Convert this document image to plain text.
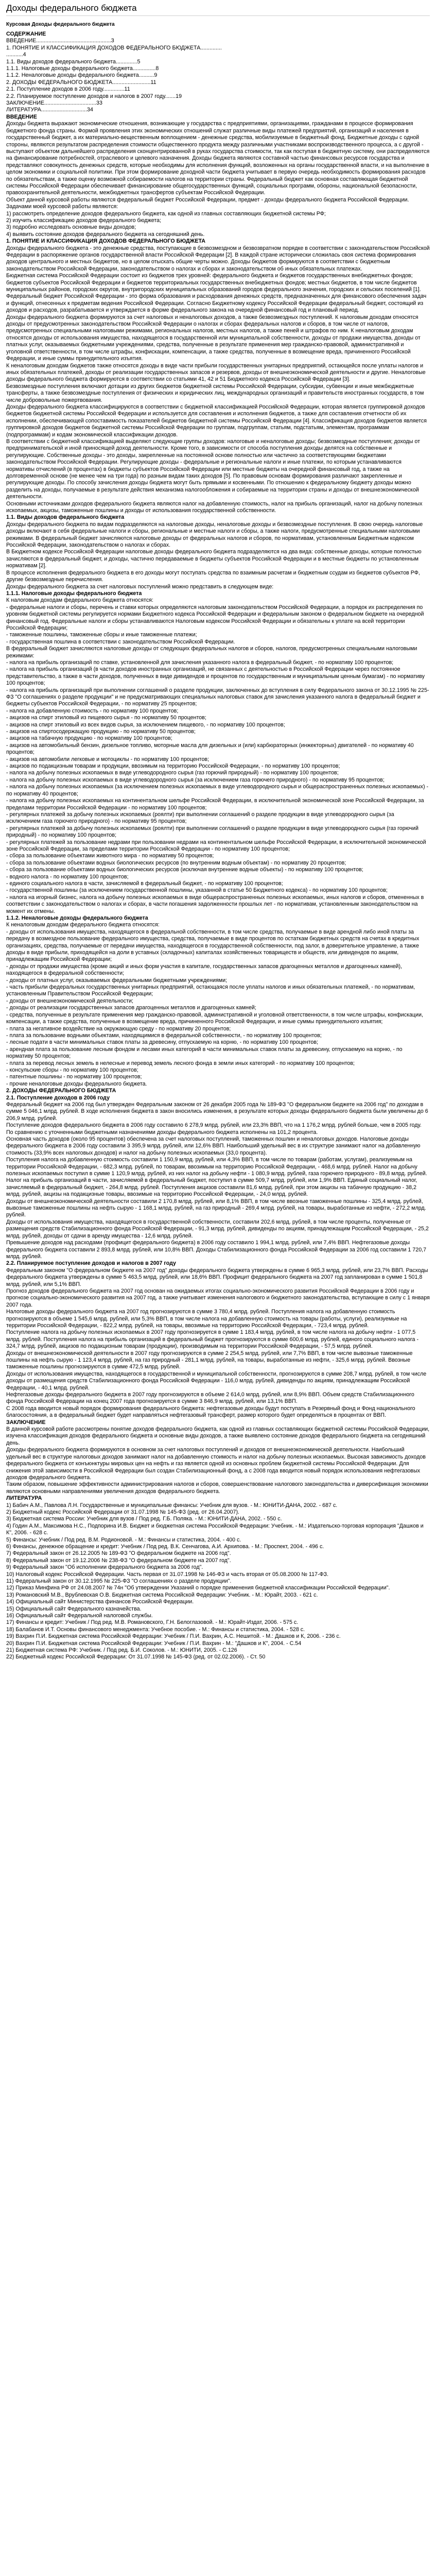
Доходы федерального бюджета
Курсовая Доходы федерального бюджета

СОДЕРЖАНИЕ

ВВЕДЕНИЕ.................................................3

1. ПОНЯТИЕ И КЛАССИФИКАЦИЯ ДОХОДОВ ФЕДЕРАЛЬНОГО БЮДЖЕТА..............

...........4

1.1. Виды доходов федерального бюджета..............5

1.1.1. Налоговые доходы федерального бюджета...............8

1.1.2. Неналоговые доходы федерального бюджета..........9

2. ДОХОДЫ ФЕДЕРАЛЬНОГО БЮДЖЕТА.........................11

2.1. Поступление доходов в 2006 году..............11

2.2. Планируемое поступление доходов и налогов в 2007 году.......19

ЗАКЛЮЧЕНИЕ..................................33

ЛИТЕРАТУРА..............................34

ВВЕДЕНИЕ

Доходы бюджета выражают экономические отношения, возникающие у государства с предприятиями, организациями, гражданами в процессе формирования бюджетного фонда страны. Формой проявления этих экономических отношений служат различные виды платежей предприятий, организаций и населения в государственный бюджет, а их материально-вещественным воплощением - денежные средства, мобилизуемые в бюджетный фонд. Бюджетные доходы с одной стороны, являются результатом распределения стоимости общественного продукта между различными участниками воспроизводственного процесса, а с другой - выступают объектом дальнейшего распределения сконцентрированной в руках государства стоимости, так как поступая в бюджетную систему, они распределяются на финансирование потребностей, отраслевого и целевого назначения. Доходы бюджета являются составной частью финансовых ресурсов государства и представляют совокупность денежных средств, которые необходимы для исполнения функций, возложенных на органы государственной власти, и на выполнение в целом экономики и социальной политики. При этом формирование доходной части бюджета учитывает в первую очередь необходимость формирования расходов по обязательствам, а также оценку возможной собираемости налогов на территории страны. Федеральный бюджет как основная составляющая бюджетной системы Российской Федерации обеспечивает финансирование общегосударственных функций, социальных программ, обороны, национальной безопасности, правоохранительной деятельности, межбюджетных трансфертов субъектам Российской Федерации.

Объект данной курсовой работы являются федеральный бюджет Российской Федерации, предмет - доходы федерального бюджета Российской Федерации.

Задачами моей курсовой работы являются:

1) рассмотреть определение доходов федерального бюджета, как одной из главных составляющих бюджетной системы РФ;

2) изучить классификацию доходов федерального бюджета;

3) подробно исследовать основные виды доходов;

4) выявить состояние доходов федерального бюджета на сегодняшний день.

1. ПОНЯТИЕ И КЛАССИФИКАЦИЯ ДОХОДОВ ФЕДЕРАЛЬНОГО БЮДЖЕТА

Доходы федерального бюджета - это денежные средства, поступающие в безвозмездном и безвозвратном порядке в соответствии с законодательством Российской Федерации в распоряжение органов государственной власти Российской Федерации [2]. В каждой стране исторически сложилась своя система формирования доходов центрального и местных бюджетов, но в целом отыскать общие черты можно. Доходы бюджетов формируются в соответствии с бюджетным законодательством Российской Федерации, законодательством о налогах и сборах и законодательством об иных обязательных платежах.

Бюджетная система Российской Федерации состоит из бюджетов трех уровней: федерального бюджета и бюджетов государственных внебюджетных фондов; бюджетов субъектов Российской Федерации и бюджетов территориальных государственных внебюджетных фондов; местных бюджетов, в том числе бюджетов муниципальных районов, городских округов, внутригородских муниципальных образований городов федерального значения, городских и сельских поселений [1].

Федеральный бюджет Российской Федерации - это форма образования и расходования денежных средств, предназначенных для финансового обеспечения задач и функций, отнесенных к предметам ведения Российской Федерации. Согласно Бюджетному кодексу Российской Федерации федеральный бюджет, состоящий из доходов и расходов, разрабатывается и утверждается в форме федерального закона на очередной финансовый год и плановый период.

Доходы федерального бюджета формируются за счет налоговых и неналоговых доходов, а также безвозмездных поступлений. К налоговым доходам относятся доходы от предусмотренных законодательством Российской Федерации о налогах и сборах федеральных налогов и сборов, в том числе от налогов, предусмотренных специальными налоговыми режимами, региональных налогов, местных налогов, а также пеней и штрафов по ним. К неналоговым доходам относятся доходы от использования имущества, находящегося в государственной или муниципальной собственности, доходы от продажи имущества, доходы от платных услуг, оказываемых бюджетными учреждениями, средства, полученные в результате применения мер гражданско-правовой, административной и уголовной ответственности, в том числе штрафы, конфискации, компенсации, а также средства, полученные в возмещение вреда, причиненного Российской Федерации, и иные суммы принудительного изъятия.

К неналоговым доходам бюджетов также относятся доходы в виде части прибыли государственных унитарных предприятий, остающейся после уплаты налогов и иных обязательных платежей, доходы от реализации государственных запасов и резервов, доходы от внешнеэкономической деятельности и другие. Неналоговые доходы федерального бюджета формируются в соответствии со статьями 41, 42 и 51 Бюджетного кодекса Российской Федерации [3].

Безвозмездные поступления включают дотации из других бюджетов бюджетной системы Российской Федерации, субсидии, субвенции и иные межбюджетные трансферты, а также безвозмездные поступления от физических и юридических лиц, международных организаций и правительств иностранных государств, в том числе добровольные пожертвования.

Доходы федерального бюджета классифицируются в соответствии с бюджетной классификацией Российской Федерации, которая является группировкой доходов бюджетов бюджетной системы Российской Федерации и используется для составления и исполнения бюджетов, а также для составления отчетности об их исполнении, обеспечивающей сопоставимость показателей бюджетов бюджетной системы Российской Федерации [4]. Классификация доходов бюджетов является группировкой доходов бюджетов бюджетной системы Российской Федерации по группам, подгруппам, статьям, подстатьям, элементам, программам (подпрограммам) и кодам экономической классификации доходов.

В соответствии с бюджетной классификацией выделяют следующие группы доходов: налоговые и неналоговые доходы; безвозмездные поступления; доходы от предпринимательской и иной приносящей доход деятельности. Кроме того, в зависимости от способа поступления доходы делятся на собственные и регулирующие. Собственные доходы - это доходы, закрепленные на постоянной основе полностью или частично за соответствующими бюджетами законодательством Российской Федерации. Регулирующие доходы - федеральные и региональные налоги и иные платежи, по которым устанавливаются нормативы отчислений (в процентах) в бюджеты субъектов Российской Федерации или местные бюджеты на очередной финансовый год, а также на долговременной основе (не менее чем на три года) по разным видам таких доходов [5]. По правовым основам формирования различают закрепленные и регулирующие доходы. По способу зачисления доходы бюджета могут быть прямыми и косвенными. По отношению к федеральному бюджету доходы можно разделить на доходы, получаемые в результате действия механизма налогообложения и собираемые на территории страны и доходы от внешнеэкономической деятельности.

Основными источниками доходов федерального бюджета являются налог на добавленную стоимость, налог на прибыль организаций, налог на добычу полезных ископаемых, акцизы, таможенные пошлины и доходы от использования государственной собственности.

1.1. Виды доходов федерального бюджета

Доходы федерального бюджета по видам подразделяются на налоговые доходы, неналоговые доходы и безвозмездные поступления. В свою очередь налоговые доходы включают в себя федеральные налоги и сборы, региональные и местные налоги и сборы, а также налоги, предусмотренные специальными налоговыми режимами. В федеральный бюджет зачисляются налоговые доходы от федеральных налогов и сборов, по нормативам, установленным Бюджетным кодексом Российской Федерации, законодательством о налогах и сборах.

В Бюджетном кодексе Российской Федерации налоговые доходы федерального бюджета подразделяются на два вида: собственные доходы, которые полностью зачисляются в федеральный бюджет, и доходы, частично передаваемые в бюджеты субъектов Российской Федерации и в местные бюджеты по установленным нормативам [2].

В процессе исполнения федерального бюджета в его доходы могут поступать средства по взаимным расчетам и бюджетным ссудам из бюджетов субъектов РФ, другие безвозмездные перечисления.

Доходы федерального бюджета за счет налоговых поступлений можно представить в следующем виде:

1.1.1. Налоговые доходы федерального бюджета

К налоговым доходам федерального бюджета относятся:

- федеральные налоги и сборы, перечень и ставки которых определяются налоговым законодательством Российской Федерации, а порядок их распределения по уровням бюджетной системы регулируется нормами Бюджетного кодекса Российской Федерации и федеральным законом о федеральном бюджете на очередной финансовый год. Федеральные налоги и сборы устанавливаются Налоговым кодексом Российской Федерации и обязательны к уплате на всей территории Российской Федерации;

- таможенные пошлины, таможенные сборы и иные таможенные платежи;

- государственная пошлина в соответствии с законодательством Российской Федерации.

В федеральный бюджет зачисляются налоговые доходы от следующих федеральных налогов и сборов, налогов, предусмотренных специальными налоговыми режимами:

- налога на прибыль организаций по ставке, установленной для зачисления указанного налога в федеральный бюджет, - по нормативу 100 процентов;

- налога на прибыль организаций (в части доходов иностранных организаций, не связанных с деятельностью в Российской Федерации через постоянное представительство, а также в части доходов, полученных в виде дивидендов и процентов по государственным и муниципальным ценным бумагам) - по нормативу 100 процентов;

- налога на прибыль организаций при выполнении соглашений о разделе продукции, заключенных до вступления в силу Федерального закона от 30.12.1995 № 225-ФЗ "О соглашениях о разделе продукции" и не предусматривающих специальных налоговых ставок для зачисления указанного налога в федеральный бюджет и бюджеты субъектов Российской Федерации, - по нормативу 25 процентов;

- налога на добавленную стоимость - по нормативу 100 процентов;

- акцизов на спирт этиловый из пищевого сырья - по нормативу 50 процентов;

- акцизов на спирт этиловый из всех видов сырья, за исключением пищевого, - по нормативу 100 процентов;

- акцизов на спиртосодержащую продукцию - по нормативу 50 процентов;

- акцизов на табачную продукцию - по нормативу 100 процентов;

- акцизов на автомобильный бензин, дизельное топливо, моторные масла для дизельных и (или) карбюраторных (инжекторных) двигателей - по нормативу 40 процентов;

- акцизов на автомобили легковые и мотоциклы - по нормативу 100 процентов;

- акцизов по подакцизным товарам и продукции, ввозимым на территорию Российской Федерации, - по нормативу 100 процентов;

- налога на добычу полезных ископаемых в виде углеводородного сырья (газ горючий природный) - по нормативу 100 процентов;

- налога на добычу полезных ископаемых в виде углеводородного сырья (за исключением газа горючего природного) - по нормативу 95 процентов;

- налога на добычу полезных ископаемых (за исключением полезных ископаемых в виде углеводородного сырья и общераспространенных полезных ископаемых) - по нормативу 40 процентов;

- налога на добычу полезных ископаемых на континентальном шельфе Российской Федерации, в исключительной экономической зоне Российской Федерации, за пределами территории Российской Федерации - по нормативу 100 процентов;

- регулярных платежей за добычу полезных ископаемых (роялти) при выполнении соглашений о разделе продукции в виде углеводородного сырья (за исключением газа горючего природного) - по нормативу 95 процентов;

- регулярных платежей за добычу полезных ископаемых (роялти) при выполнении соглашений о разделе продукции в виде углеводородного сырья (газ горючий природный) - по нормативу 100 процентов;

- регулярных платежей за пользование недрами при пользовании недрами на континентальном шельфе Российской Федерации, в исключительной экономической зоне Российской Федерации, за пределами территории Российской Федерации - по нормативу 100 процентов;

- сбора за пользование объектами животного мира - по нормативу 50 процентов;

- сбора за пользование объектами водных биологических ресурсов (по внутренним водным объектам) - по нормативу 20 процентов;

- сбора за пользование объектами водных биологических ресурсов (исключая внутренние водные объекты) - по нормативу 100 процентов;

- водного налога - по нормативу 100 процентов;

- единого социального налога в части, зачисляемой в федеральный бюджет, - по нормативу 100 процентов;

- государственной пошлины (за исключением государственной пошлины, указанной в статье 50 Бюджетного кодекса) - по нормативу 100 процентов;

- налога на игорный бизнес, налога на добычу полезных ископаемых в виде общераспространенных полезных ископаемых, иных налогов и сборов, отмененных в соответствии с законодательством о налогах и сборах, в части погашения задолженности прошлых лет - по нормативам, установленным законодательством на момент их отмены.

1.1.2. Неналоговые доходы федерального бюджета

К неналоговым доходам федерального бюджета относятся:

- доходы от использования имущества, находящегося в федеральной собственности, в том числе средства, получаемые в виде арендной либо иной платы за передачу в возмездное пользование федерального имущества, средства, получаемые в виде процентов по остаткам бюджетных средств на счетах в кредитных организациях, средства, получаемые от передачи имущества, находящегося в государственной собственности, под залог, в доверительное управление, а также доходы в виде прибыли, приходящейся на доли в уставных (складочных) капиталах хозяйственных товариществ и обществ, или дивидендов по акциям, принадлежащим Российской Федерации;

- доходы от продажи имущества (кроме акций и иных форм участия в капитале, государственных запасов драгоценных металлов и драгоценных камней), находящегося в федеральной собственности;

- доходы от платных услуг, оказываемых федеральными бюджетными учреждениями;

- часть прибыли федеральных государственных унитарных предприятий, остающаяся после уплаты налогов и иных обязательных платежей, - по нормативам, установленным Правительством Российской Федерации;

- доходы от внешнеэкономической деятельности;

- доходы от реализации государственных запасов драгоценных металлов и драгоценных камней;

- средства, полученные в результате применения мер гражданско-правовой, административной и уголовной ответственности, в том числе штрафы, конфискации, компенсации, а также средства, полученные в возмещение вреда, причиненного Российской Федерации, и иные суммы принудительного изъятия;

- плата за негативное воздействие на окружающую среду - по нормативу 20 процентов;

- плата за пользование водными объектами, находящимися в федеральной собственности, - по нормативу 100 процентов;

- лесные подати в части минимальных ставок платы за древесину, отпускаемую на корню, - по нормативу 100 процентов;

- арендная плата за пользование лесным фондом и лесами иных категорий в части минимальных ставок платы за древесину, отпускаемую на корню, - по нормативу 50 процентов;

- плата за перевод лесных земель в нелесные и перевод земель лесного фонда в земли иных категорий - по нормативу 100 процентов;

- консульские сборы - по нормативу 100 процентов;

- патентные пошлины - по нормативу 100 процентов;

- прочие неналоговые доходы федерального бюджета.

2. ДОХОДЫ ФЕДЕРАЛЬНОГО БЮДЖЕТА

2.1. Поступление доходов в 2006 году

Федеральный бюджет на 2006 год был утвержден Федеральным законом от 26 декабря 2005 года № 189-ФЗ "О федеральном бюджете на 2006 год" по доходам в сумме 5 046,1 млрд. рублей. В ходе исполнения бюджета в закон вносились изменения, в результате которых доходы федерального бюджета были увеличены до 6 206,9 млрд. рублей.

Поступление доходов федерального бюджета в 2006 году составило 6 278,9 млрд. рублей, или 23,3% ВВП, что на 1 176,2 млрд. рублей больше, чем в 2005 году. По сравнению с уточненными бюджетными назначениями доходы федерального бюджета исполнены на 101,2 процента.

Основная часть доходов (около 95 процентов) обеспечена за счет налоговых поступлений, таможенных пошлин и неналоговых доходов. Налоговые доходы федерального бюджета в 2006 году составили 3 395,9 млрд. рублей, или 12,6% ВВП. Наибольший удельный вес в их структуре занимают налог на добавленную стоимость (33,9% всех налоговых доходов) и налог на добычу полезных ископаемых (33,0 процента).

Поступления налога на добавленную стоимость составили 1 150,9 млрд. рублей, или 4,3% ВВП, в том числе по товарам (работам, услугам), реализуемым на территории Российской Федерации, - 682,3 млрд. рублей, по товарам, ввозимым на территорию Российской Федерации, - 468,6 млрд. рублей. Налог на добычу полезных ископаемых поступил в сумме 1 120,9 млрд. рублей, из них налог на добычу нефти - 1 080,9 млрд. рублей, газа горючего природного - 89,8 млрд. рублей.

Налог на прибыль организаций в части, зачисляемой в федеральный бюджет, поступил в сумме 509,7 млрд. рублей, или 1,9% ВВП. Единый социальный налог, зачисляемый в федеральный бюджет, - 264,8 млрд. рублей. Поступления акцизов составили 81,6 млрд. рублей, при этом акцизы на табачную продукцию - 38,2 млрд. рублей, акцизы на подакцизные товары, ввозимые на территорию Российской Федерации, - 24,0 млрд. рублей.

Доходы от внешнеэкономической деятельности составили 2 170,8 млрд. рублей, или 8,1% ВВП, в том числе ввозные таможенные пошлины - 325,4 млрд. рублей, вывозные таможенные пошлины на нефть сырую - 1 168,1 млрд. рублей, на газ природный - 269,4 млрд. рублей, на товары, выработанные из нефти, - 272,2 млрд. рублей.

Доходы от использования имущества, находящегося в государственной собственности, составили 202,6 млрд. рублей, в том числе проценты, полученные от размещения средств Стабилизационного фонда Российской Федерации, - 91,3 млрд. рублей, дивиденды по акциям, принадлежащим Российской Федерации, - 25,2 млрд. рублей, доходы от сдачи в аренду имущества - 12,6 млрд. рублей.

Превышение доходов над расходами (профицит федерального бюджета) в 2006 году составило 1 994,1 млрд. рублей, или 7,4% ВВП. Нефтегазовые доходы федерального бюджета составили 2 893,8 млрд. рублей, или 10,8% ВВП. Доходы Стабилизационного фонда Российской Федерации за 2006 год составили 1 720,7 млрд. рублей.

2.2. Планируемое поступление доходов и налогов в 2007 году

Федеральным законом "О федеральном бюджете на 2007 год" доходы федерального бюджета утверждены в сумме 6 965,3 млрд. рублей, или 23,7% ВВП. Расходы федерального бюджета утверждены в сумме 5 463,5 млрд. рублей, или 18,6% ВВП. Профицит федерального бюджета на 2007 год запланирован в сумме 1 501,8 млрд. рублей, или 5,1% ВВП.

Прогноз доходов федерального бюджета на 2007 год основан на ожидаемых итогах социально-экономического развития Российской Федерации в 2006 году и прогнозе социально-экономического развития на 2007 год, а также учитывает изменения налогового и бюджетного законодательства, вступающие в силу с 1 января 2007 года.

Налоговые доходы федерального бюджета на 2007 год прогнозируются в сумме 3 780,4 млрд. рублей. Поступления налога на добавленную стоимость прогнозируются в объеме 1 545,6 млрд. рублей, или 5,3% ВВП, в том числе налога на добавленную стоимость на товары (работы, услуги), реализуемые на территории Российской Федерации, - 822,2 млрд. рублей, на товары, ввозимые на территорию Российской Федерации, - 723,4 млрд. рублей.

Поступление налога на добычу полезных ископаемых в 2007 году прогнозируется в сумме 1 183,4 млрд. рублей, в том числе налога на добычу нефти - 1 077,5 млрд. рублей. Поступления налога на прибыль организаций в федеральный бюджет прогнозируются в сумме 600,6 млрд. рублей, единого социального налога - 324,7 млрд. рублей, акцизов по подакцизным товарам (продукции), производимым на территории Российской Федерации, - 57,5 млрд. рублей.

Доходы от внешнеэкономической деятельности в 2007 году прогнозируются в сумме 2 254,5 млрд. рублей, или 7,7% ВВП, в том числе вывозные таможенные пошлины на нефть сырую - 1 123,4 млрд. рублей, на газ природный - 281,1 млрд. рублей, на товары, выработанные из нефти, - 325,6 млрд. рублей. Ввозные таможенные пошлины прогнозируются в сумме 472,5 млрд. рублей.

Доходы от использования имущества, находящегося в государственной и муниципальной собственности, прогнозируются в сумме 208,7 млрд. рублей, в том числе доходы от размещения средств Стабилизационного фонда Российской Федерации - 116,0 млрд. рублей, дивиденды по акциям, принадлежащим Российской Федерации, - 40,1 млрд. рублей.

Нефтегазовые доходы федерального бюджета в 2007 году прогнозируются в объеме 2 614,0 млрд. рублей, или 8,9% ВВП. Объем средств Стабилизационного фонда Российской Федерации на конец 2007 года прогнозируется в сумме 3 846,9 млрд. рублей, или 13,1% ВВП.

С 2008 года вводится новый порядок формирования федерального бюджета: нефтегазовые доходы будут поступать в Резервный фонд и Фонд национального благосостояния, а в федеральный бюджет будет направляться нефтегазовый трансферт, размер которого будет определяться в процентах от ВВП.

ЗАКЛЮЧЕНИЕ

В данной курсовой работе рассмотрены понятие доходов федерального бюджета, как одной из главных составляющих бюджетной системы Российской Федерации, изучена классификация доходов федерального бюджета и основные виды доходов, а также выявлено состояние доходов федерального бюджета на сегодняшний день.

Доходы федерального бюджета формируются в основном за счет налоговых поступлений и доходов от внешнеэкономической деятельности. Наибольший удельный вес в структуре налоговых доходов занимают налог на добавленную стоимость и налог на добычу полезных ископаемых. Высокая зависимость доходов федерального бюджета от конъюнктуры мировых цен на нефть и газ является одной из основных проблем бюджетной системы Российской Федерации. Для снижения этой зависимости в Российской Федерации был создан Стабилизационный фонд, а с 2008 года вводится новый порядок использования нефтегазовых доходов федерального бюджета.

Таким образом, повышение эффективности администрирования налогов и сборов, совершенствование налогового законодательства и диверсификация экономики являются основными направлениями увеличения доходов федерального бюджета.

ЛИТЕРАТУРА

1) Бабич А.М., Павлова Л.Н. Государственные и муниципальные финансы: Учебник для вузов. - М.: ЮНИТИ-ДАНА, 2002. - 687 с.

2) Бюджетный кодекс Российской Федерации от 31.07.1998 № 145-ФЗ (ред. от 26.04.2007).

3) Бюджетная система России: Учебник для вузов / Под ред. Г.Б. Поляка. - М.: ЮНИТИ-ДАНА, 2002. - 550 с.

4) Годин А.М., Максимова Н.С., Подпорина И.В. Бюджет и бюджетная система Российской Федерации: Учебник. - М.: Издательско-торговая корпорация "Дашков и К", 2006. - 628 с.

5) Финансы: Учебник / Под ред. В.М. Родионовой. - М.: Финансы и статистика, 2004. - 400 с.

6) Финансы, денежное обращение и кредит: Учебник / Под ред. В.К. Сенчагова, А.И. Архипова. - М.: Проспект, 2004. - 496 с.

7) Федеральный закон от 26.12.2005 № 189-ФЗ "О федеральном бюджете на 2006 год".

8) Федеральный закон от 19.12.2006 № 238-ФЗ "О федеральном бюджете на 2007 год".

9) Федеральный закон "Об исполнении федерального бюджета за 2006 год".

10) Налоговый кодекс Российской Федерации. Часть первая от 31.07.1998 № 146-ФЗ и часть вторая от 05.08.2000 № 117-ФЗ.

11) Федеральный закон от 30.12.1995 № 225-ФЗ "О соглашениях о разделе продукции".

12) Приказ Минфина РФ от 24.08.2007 № 74н "Об утверждении Указаний о порядке применения бюджетной классификации Российской Федерации".

13) Романовский М.В., Врублевская О.В. Бюджетная система Российской Федерации: Учебник. - М.: Юрайт, 2003. - 621 с.

14) Официальный сайт Министерства финансов Российской Федерации.

15) Официальный сайт Федерального казначейства.

16) Официальный сайт Федеральной налоговой службы.

17) Финансы и кредит: Учебник / Под ред. М.В. Романовского, Г.Н. Белоглазовой. - М.: Юрайт-Издат, 2006. - 575 с.

18) Балабанов И.Т. Основы финансового менеджмента: Учебное пособие. - М.: Финансы и статистика, 2004. - 528 с.

19) Вахрин П.И. Бюджетная система Российской Федерации: Учебник / П.И. Вахрин, А.С. Нешитой. - М.: Дашков и К, 2006. - 236 с.

20) Вахрин П.И. Бюджетная система Российской Федерации: Учебник / П.И. Вахрин - М.: "Дашков и К", 2004. - С.54

21) Бюджетная система РФ: Учебник. / Под ред. Б.И. Соколов. - М.: ЮНИТИ, 2005. - С.126

22) Бюджетный кодекс Российской Федерации: От 31.07.1998 № 145-ФЗ (ред. от 02.02.2006). - Ст. 50
